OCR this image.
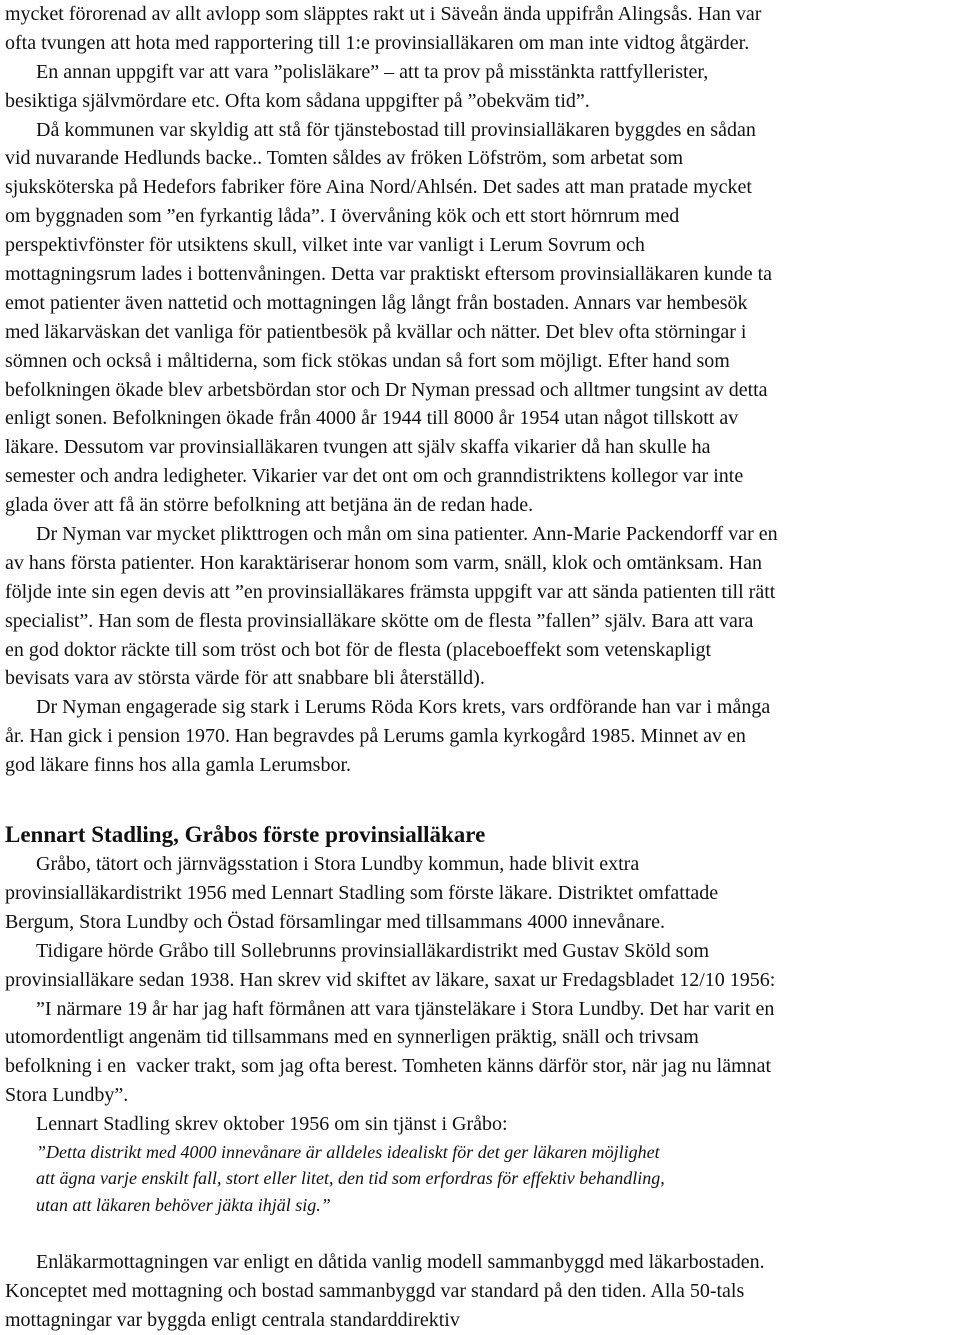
mycket förorenad av allt avlopp som släpptes rakt ut i Säveån ända uppifrån Alingsås. Han var
ofta tvungen att hota med rapportering till 1:e provinsialläkaren om man inte vidtog åtgärder.
En annan uppgift var att vara ”polisläkare” – att ta prov på misstänkta rattfyllerister,
besiktiga självmördare etc. Ofta kom sådana uppgifter på ”obekväm tid”.
Då kommunen var skyldig att stå för tjänstebostad till provinsialläkaren byggdes en sådan
vid nuvarande Hedlunds backe.. Tomten såldes av fröken Löfström, som arbetat som
sjuksköterska på Hedefors fabriker före Aina Nord/Ahlsén. Det sades att man pratade mycket
om byggnaden som ”en fyrkantig låda”. I övervåning kök och ett stort hörnrum med
perspektivfönster för utsiktens skull, vilket inte var vanligt i Lerum Sovrum och
mottagningsrum lades i bottenvåningen. Detta var praktiskt eftersom provinsialläkaren kunde ta
emot patienter även nattetid och mottagningen låg långt från bostaden. Annars var hembesök
med läkarväskan det vanliga för patientbesök på kvällar och nätter. Det blev ofta störningar i
sömnen och också i måltiderna, som fick stökas undan så fort som möjligt. Efter hand som
befolkningen ökade blev arbetsbördan stor och Dr Nyman pressad och alltmer tungsint av detta
enligt sonen. Befolkningen ökade från 4000 år 1944 till 8000 år 1954 utan något tillskott av
läkare. Dessutom var provinsialläkaren tvungen att själv skaffa vikarier då han skulle ha
semester och andra ledigheter. Vikarier var det ont om och granndistriktens kollegor var inte
glada över att få än större befolkning att betjäna än de redan hade.
Dr Nyman var mycket plikttrogen och mån om sina patienter. Ann-Marie Packendorff var en
av hans första patienter. Hon karaktäriserar honom som varm, snäll, klok och omtänksam. Han
följde inte sin egen devis att ”en provinsialläkares främsta uppgift var att sända patienten till rätt
specialist”. Han som de flesta provinsialläkare skötte om de flesta ”fallen” själv. Bara att vara
en god doktor räckte till som tröst och bot för de flesta (placeboeffekt som vetenskapligt
bevisats vara av största värde för att snabbare bli återställd).
Dr Nyman engagerade sig stark i Lerums Röda Kors krets, vars ordförande han var i många
år. Han gick i pension 1970. Han begravdes på Lerums gamla kyrkogård 1985. Minnet av en
god läkare finns hos alla gamla Lerumsbor.
Lennart Stadling, Gråbos förste provinsialläkare
Gråbo, tätort och järnvägsstation i Stora Lundby kommun, hade blivit extra
provinsialläkardistrikt 1956 med Lennart Stadling som förste läkare. Distriktet omfattade
Bergum, Stora Lundby och Östad församlingar med tillsammans 4000 innevånare.
Tidigare hörde Gråbo till Sollebrunns provinsialläkardistrikt med Gustav Sköld som
provinsialläkare sedan 1938. Han skrev vid skiftet av läkare, saxat ur Fredagsbladet 12/10 1956:
”I närmare 19 år har jag haft förmånen att vara tjänsteläkare i Stora Lundby. Det har varit en
utomordentligt angenäm tid tillsammans med en synnerligen präktig, snäll och trivsam
befolkning i en  vacker trakt, som jag ofta berest. Tomheten känns därför stor, när jag nu lämnat
Stora Lundby”.
Lennart Stadling skrev oktober 1956 om sin tjänst i Gråbo:
”Detta distrikt med 4000 innevånare är alldeles idealiskt för det ger läkaren möjlighet
att ägna varje enskilt fall, stort eller litet, den tid som erfordras för effektiv behandling,
utan att läkaren behöver jäkta ihjäl sig.”
Enläkarmottagningen var enligt en dåtida vanlig modell sammanbyggd med läkarbostaden.
Konceptet med mottagning och bostad sammanbyggd var standard på den tiden. Alla 50-tals
mottagningar var byggda enligt centrala standarddirektiv
